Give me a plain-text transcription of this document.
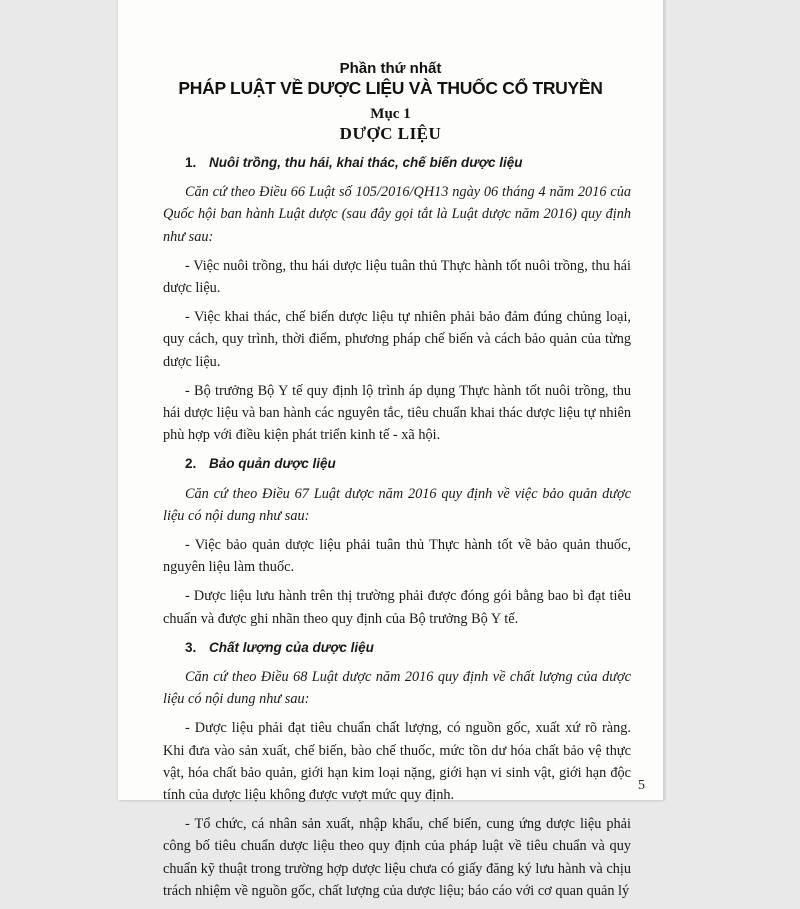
Phần thứ nhất
PHÁP LUẬT VỀ DƯỢC LIỆU VÀ THUỐC CỔ TRUYỀN
Mục 1
DƯỢC LIỆU
1. Nuôi trồng, thu hái, khai thác, chế biến dược liệu

Căn cứ theo Điều 66 Luật số 105/2016/QH13 ngày 06 tháng 4 năm 2016 của Quốc hội ban hành Luật dược (sau đây gọi tắt là Luật dược năm 2016) quy định như sau:

- Việc nuôi trồng, thu hái dược liệu tuân thủ Thực hành tốt nuôi trồng, thu hái dược liệu.

- Việc khai thác, chế biến dược liệu tự nhiên phải bảo đảm đúng chủng loại, quy cách, quy trình, thời điểm, phương pháp chế biến và cách bảo quản của từng dược liệu.

- Bộ trưởng Bộ Y tế quy định lộ trình áp dụng Thực hành tốt nuôi trồng, thu hái dược liệu và ban hành các nguyên tắc, tiêu chuẩn khai thác dược liệu tự nhiên phù hợp với điều kiện phát triển kinh tế - xã hội.

2. Bảo quản dược liệu

Căn cứ theo Điều 67 Luật dược năm 2016 quy định về việc bảo quản dược liệu có nội dung như sau:

- Việc bảo quản dược liệu phải tuân thủ Thực hành tốt về bảo quản thuốc, nguyên liệu làm thuốc.

- Dược liệu lưu hành trên thị trường phải được đóng gói bằng bao bì đạt tiêu chuẩn và được ghi nhãn theo quy định của Bộ trưởng Bộ Y tế.

3. Chất lượng của dược liệu

Căn cứ theo Điều 68 Luật dược năm 2016 quy định về chất lượng của dược liệu có nội dung như sau:

- Dược liệu phải đạt tiêu chuẩn chất lượng, có nguồn gốc, xuất xứ rõ ràng. Khi đưa vào sản xuất, chế biến, bào chế thuốc, mức tồn dư hóa chất bảo vệ thực vật, hóa chất bảo quản, giới hạn kim loại nặng, giới hạn vi sinh vật, giới hạn độc tính của dược liệu không được vượt mức quy định.

- Tổ chức, cá nhân sản xuất, nhập khẩu, chế biến, cung ứng dược liệu phải công bố tiêu chuẩn dược liệu theo quy định của pháp luật về tiêu chuẩn và quy chuẩn kỹ thuật trong trường hợp dược liệu chưa có giấy đăng ký lưu hành và chịu trách nhiệm về nguồn gốc, chất lượng của dược liệu; báo cáo với cơ quan quản lý

5
